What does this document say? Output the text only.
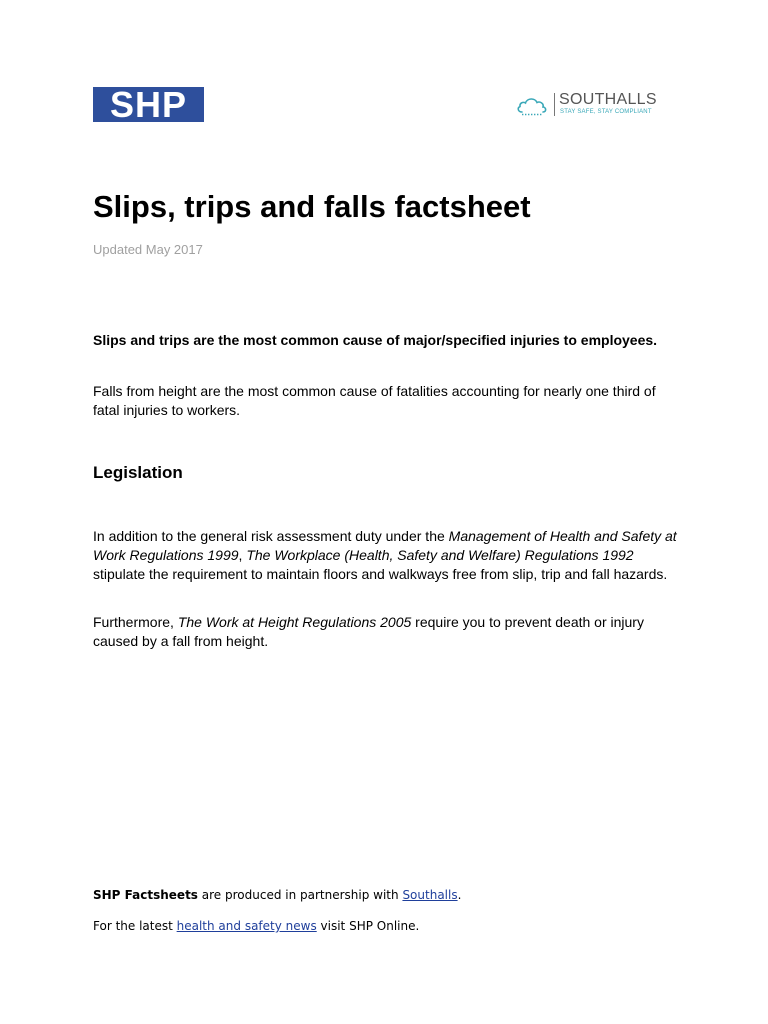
SHP	SOUTHALLS
STAY SAFE, STAY COMPLIANT
Slips, trips and falls factsheet
Updated May 2017

Slips and trips are the most common cause of major/specified injuries to employees.

Falls from height are the most common cause of fatalities accounting for nearly one third of fatal injuries to workers.

Legislation

In addition to the general risk assessment duty under the Management of Health and Safety at Work Regulations 1999, The Workplace (Health, Safety and Welfare) Regulations 1992 stipulate the requirement to maintain floors and walkways free from slip, trip and fall hazards.

Furthermore, The Work at Height Regulations 2005 require you to prevent death or injury caused by a fall from height.

SHP Factsheets are produced in partnership with Southalls.

For the latest health and safety news visit SHP Online.
